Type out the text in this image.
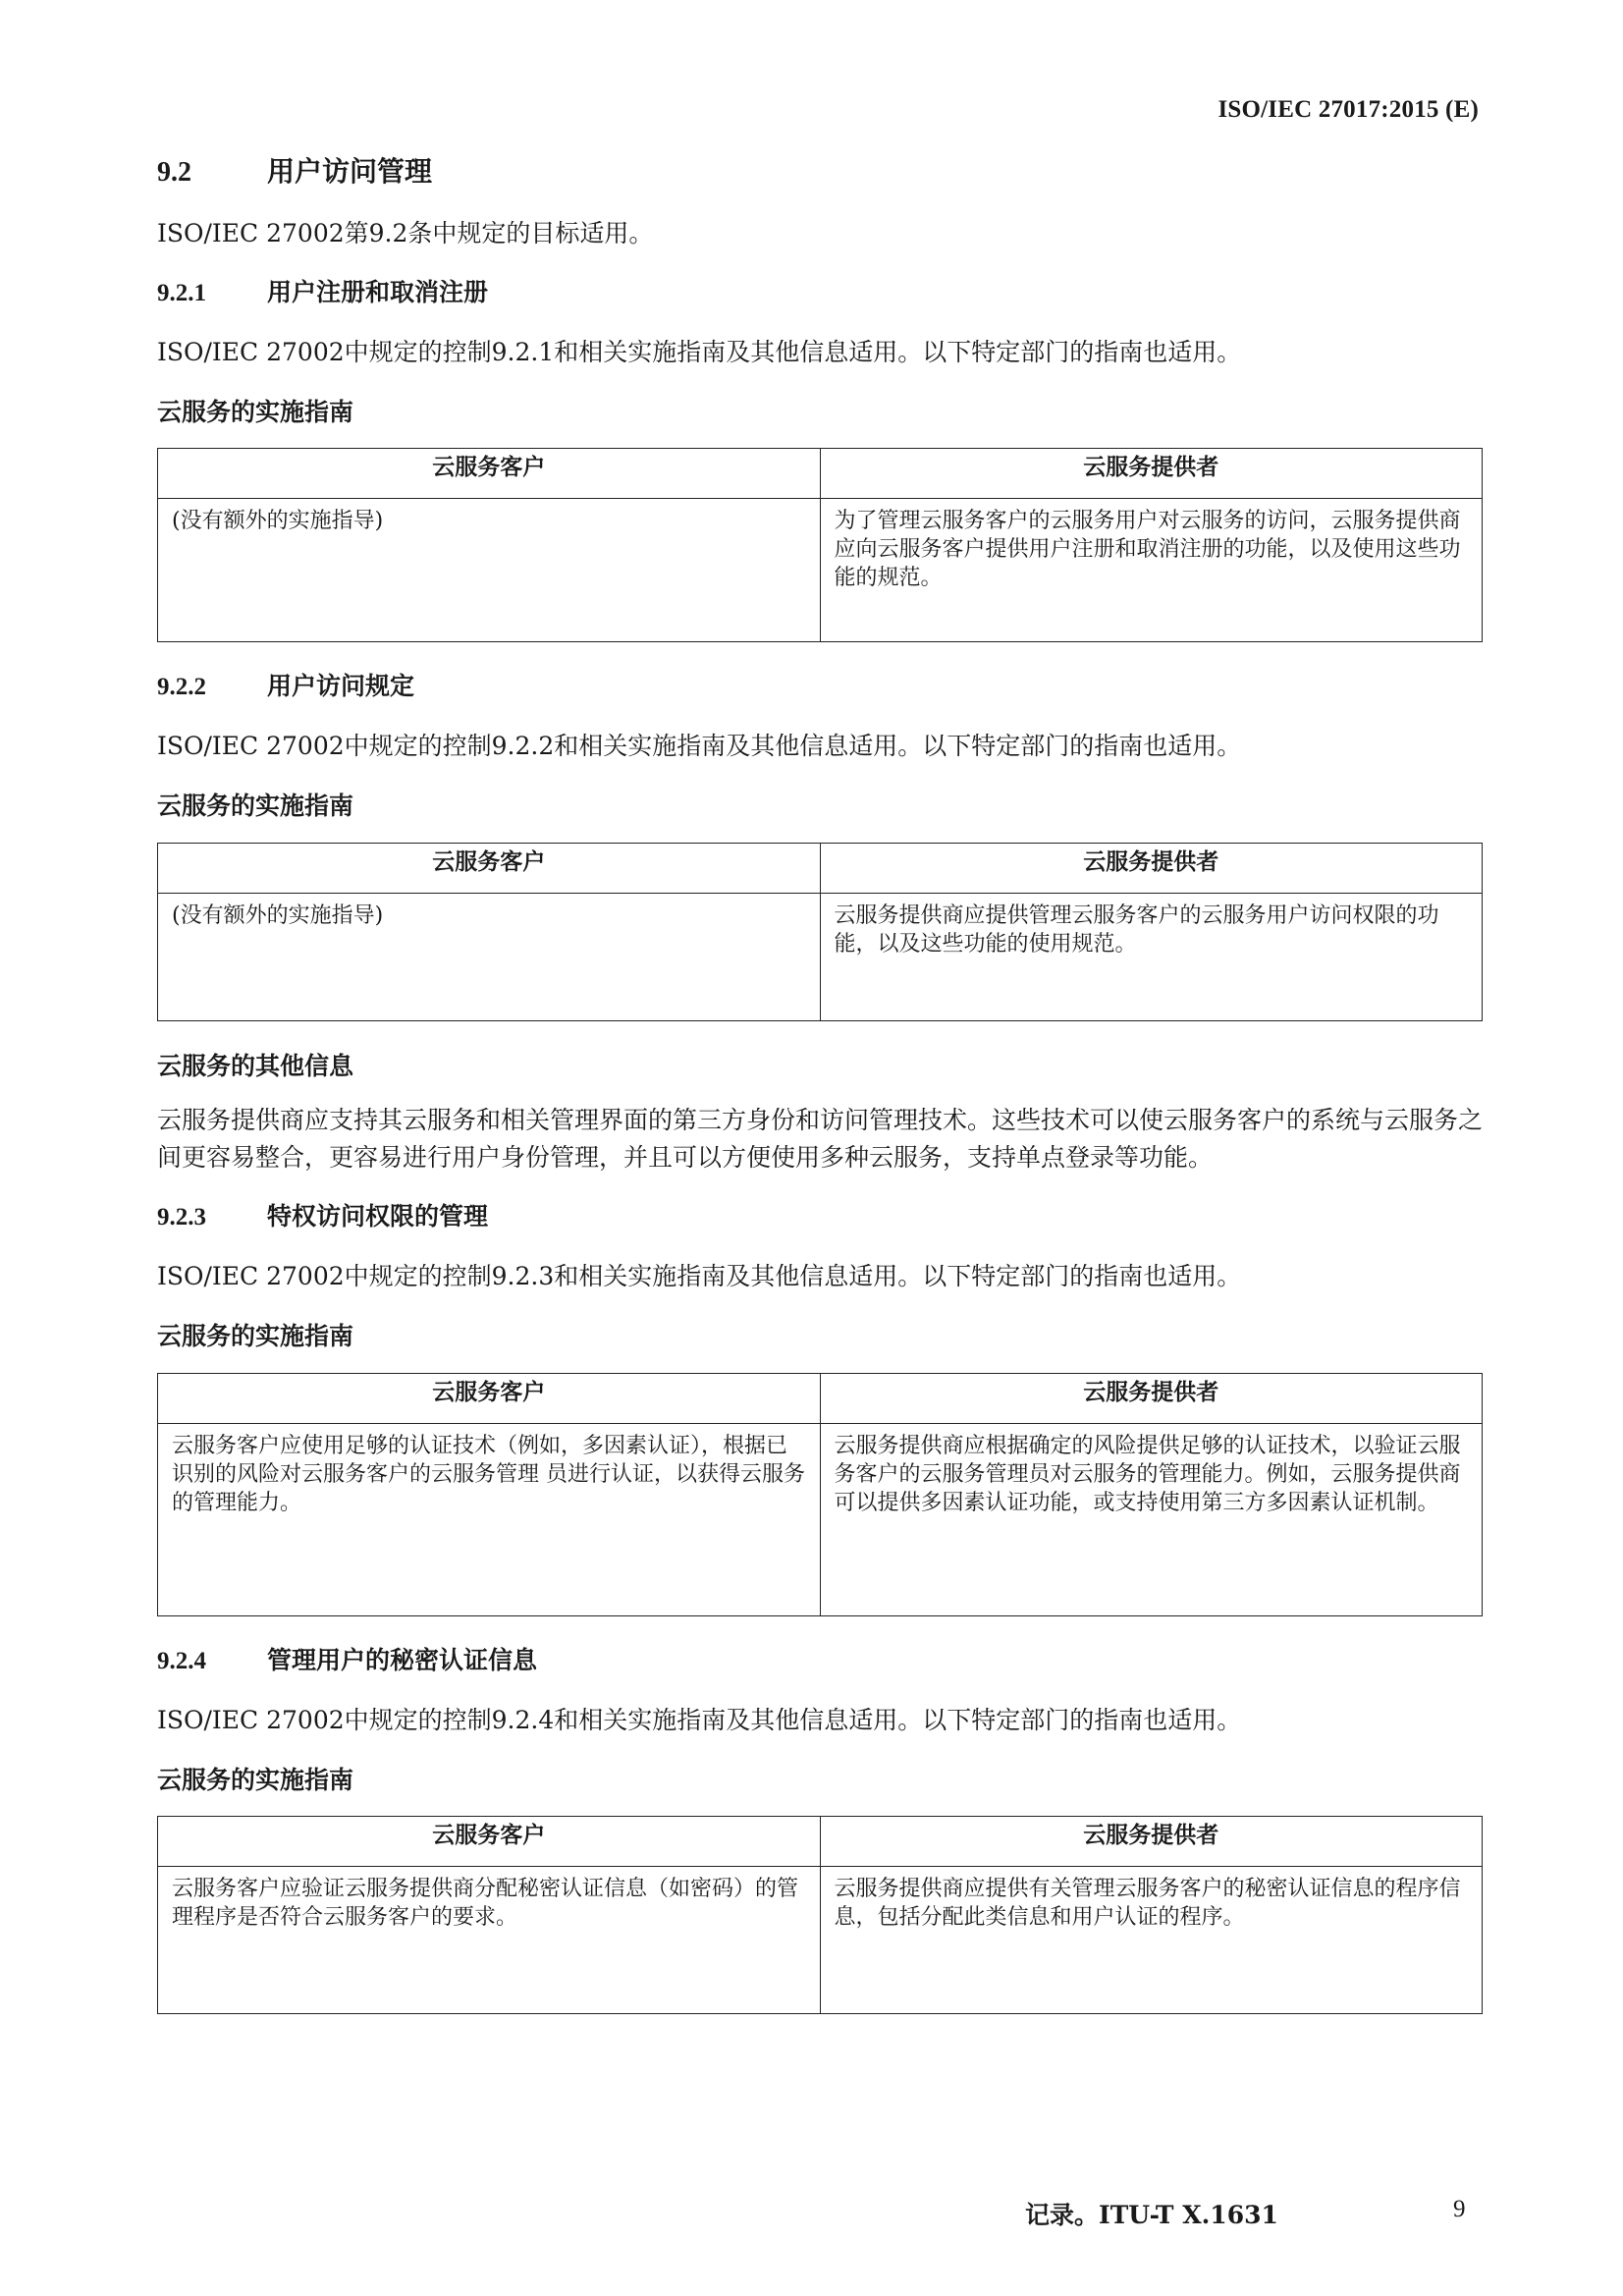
ISO/IEC 27017:2015 (E)
9.2	用户访问管理

ISO/IEC 27002第9.2条中规定的目标适用。

9.2.1	用户注册和取消注册

ISO/IEC 27002中规定的控制9.2.1和相关实施指南及其他信息适用。以下特定部门的指南也适用。

云服务的实施指南
云服务客户	云服务提供者
(没有额外的实施指导)	为了管理云服务客户的云服务用户对云服务的访问，云服务提供商应向云服务客户提供用户注册和取消注册的功能，以及使用这些功能的规范。
9.2.2	用户访问规定

ISO/IEC 27002中规定的控制9.2.2和相关实施指南及其他信息适用。以下特定部门的指南也适用。

云服务的实施指南
云服务客户	云服务提供者
(没有额外的实施指导)	云服务提供商应提供管理云服务客户的云服务用户访问权限的功能，以及这些功能的使用规范。
云服务的其他信息

云服务提供商应支持其云服务和相关管理界面的第三方身份和访问管理技术。这些技术可以使云服务客户的系统与云服务之间更容易整合，更容易进行用户身份管理，并且可以方便使用多种云服务，支持单点登录等功能。

9.2.3	特权访问权限的管理

ISO/IEC 27002中规定的控制9.2.3和相关实施指南及其他信息适用。以下特定部门的指南也适用。

云服务的实施指南
云服务客户	云服务提供者
云服务客户应使用足够的认证技术（例如，多因素认证），根据已识别的风险对云服务客户的云服务管理 员进行认证，以获得云服务的管理能力。	云服务提供商应根据确定的风险提供足够的认证技术，以验证云服务客户的云服务管理员对云服务的管理能力。例如，云服务提供商可以提供多因素认证功能，或支持使用第三方多因素认证机制。
9.2.4	管理用户的秘密认证信息

ISO/IEC 27002中规定的控制9.2.4和相关实施指南及其他信息适用。以下特定部门的指南也适用。

云服务的实施指南
云服务客户	云服务提供者
云服务客户应验证云服务提供商分配秘密认证信息（如密码）的管理程序是否符合云服务客户的要求。	云服务提供商应提供有关管理云服务客户的秘密认证信息的程序信息，包括分配此类信息和用户认证的程序。
记录。ITU-T X.1631	9
